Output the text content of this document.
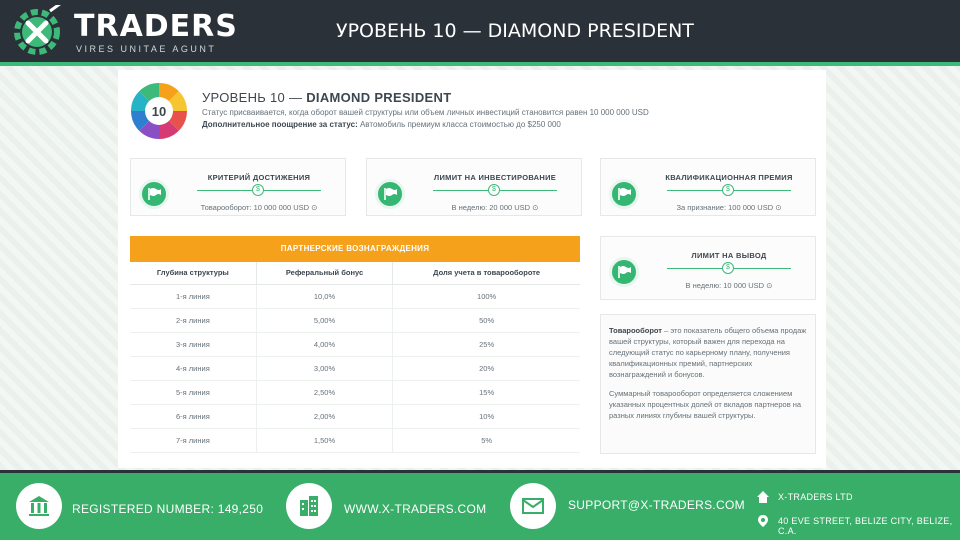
TRADERS
VIRES UNITAE AGUNT
УРОВЕНЬ 10 — DIAMOND PRESIDENT
10
УРОВЕНЬ 10 — DIAMOND PRESIDENT
Статус присваивается, когда оборот вашей структуры или объем личных инвестиций становится равен 10 000 000 USD
Дополнительное поощрение за статус: Автомобиль премиум класса стоимостью до $250 000
КРИТЕРИЙ ДОСТИЖЕНИЯ
$
Товарооборот: 10 000 000 USD ⊙
ЛИМИТ НА ИНВЕСТИРОВАНИЕ
$
В неделю: 20 000 USD ⊙
КВАЛИФИКАЦИОННАЯ ПРЕМИЯ
$
За признание: 100 000 USD ⊙
ЛИМИТ НА ВЫВОД
$
В неделю: 10 000 USD ⊙
ПАРТНЕРСКИЕ ВОЗНАГРАЖДЕНИЯ
Глубина структуры	Реферальный бонус	Доля учета в товарообороте
1-я линия	10,0%	100%
2-я линия	5,00%	50%
3-я линия	4,00%	25%
4-я линия	3,00%	20%
5-я линия	2,50%	15%
6-я линия	2,00%	10%
7-я линия	1,50%	5%

Товарооборот – это показатель общего объема продаж вашей структуры, который важен для перехода на следующий статус по карьерному плану, получения квалификационных премий, партнерских вознаграждений и бонусов.

Суммарный товарооборот определяется сложением указанных процентных долей от вкладов партнеров на разных линиях глубины вашей структуры.

REGISTERED NUMBER: 149,250	WWW.X-TRADERS.COM	SUPPORT@X-TRADERS.COM
X-TRADERS LTD
40 EVE STREET, BELIZE CITY, BELIZE, C.A.
